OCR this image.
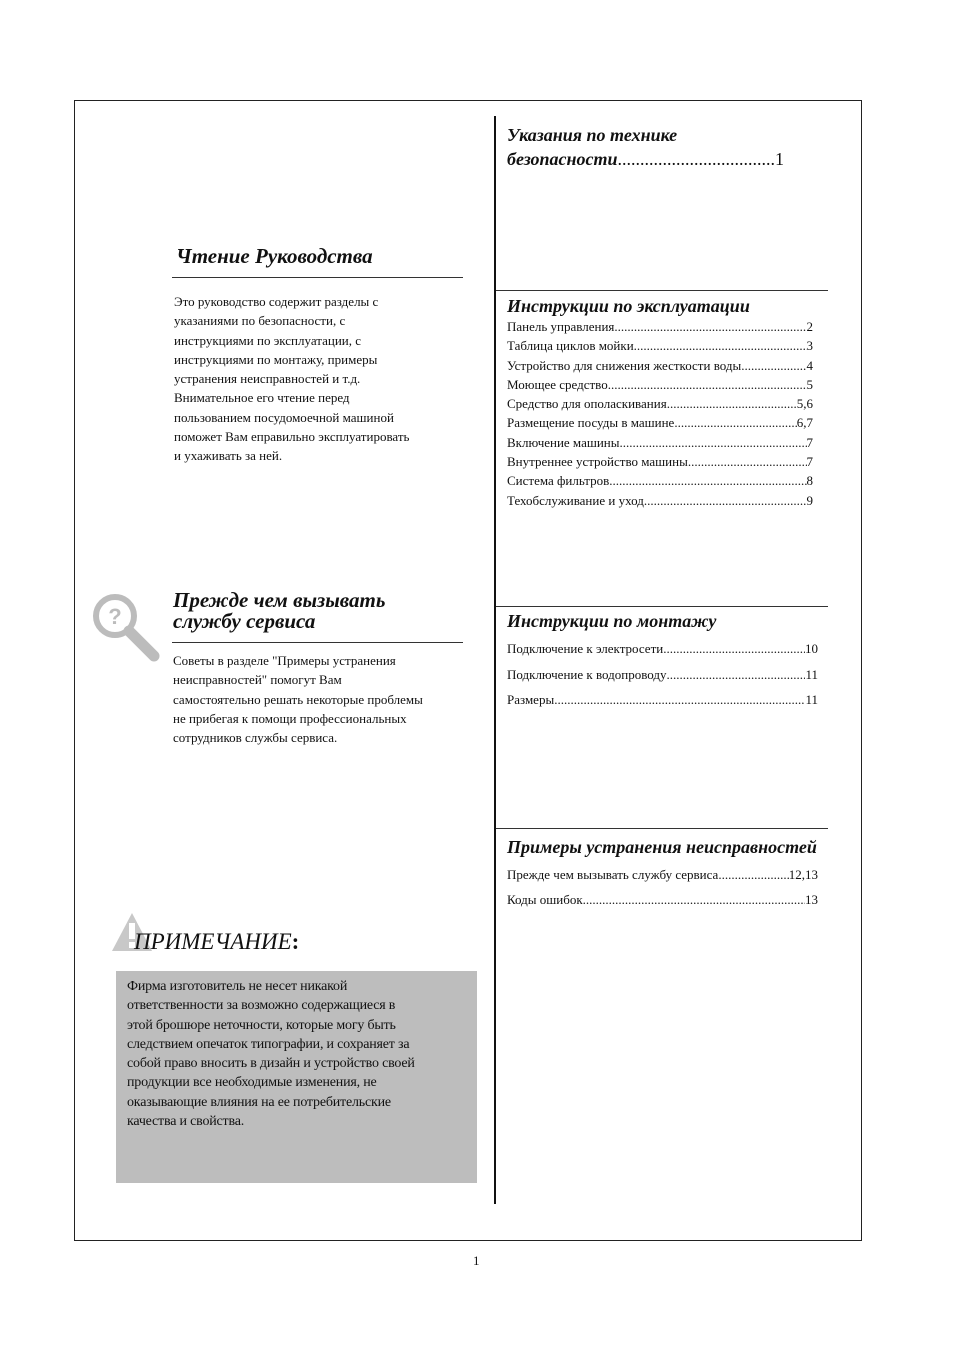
Чтение Руководства
Это руководство содержит разделы с
указаниями по безопасности, с
инструкциями по эксплуатации, с
инструкциями по монтажу, примеры
устранения неисправностей и т.д.
Внимательное его чтение перед
пользованием посудомоечной машиной
поможет Вам еправильно эксплуатировать
и ухаживать за ней.
?
Прежде чем вызывать
службу сервиса
Советы в разделе "Примеры устранения
неисправностей" помогут Вам
самостоятельно решать некоторые проблемы
не прибегая к помощи профессиональных
сотрудников службы сервиса.
ПРИМЕЧАНИЕ:
Фирма изготовитель не несет никакой
ответственности за возможно содержащиеся в
этой брошюре неточности, которые могу быть
следствием опечаток типографии, и сохраняет за
собой право вносить в дизайн и устройство своей
продукции все необходимые изменения, не
оказывающие влияния на ее потребительские
качества и свойства.
Указания по технике
безопасности...................................1
Инструкции по эксплуатации
Панель управления .....	2
Таблица циклов мойки .....	3
Устройство для снижения жесткости воды .....	4
Моющее средство .....	5
Средство для ополаскивания .....	5,6
Размещение посуды в машине .....	6,7
Включение машины .....	7
Внутреннее устройство машины .....	7
Система фильтров......... .....	8
Техобслуживание и уход .....	9
Инструкции по монтажу
Подключение к электросети .....	10
Подключение к водопроводу .....	11
Размеры .....	11
Примеры устранения неисправностей
Прежде чем вызывать службу сервиса .....	12,13
Коды ошибок .....	13
1
